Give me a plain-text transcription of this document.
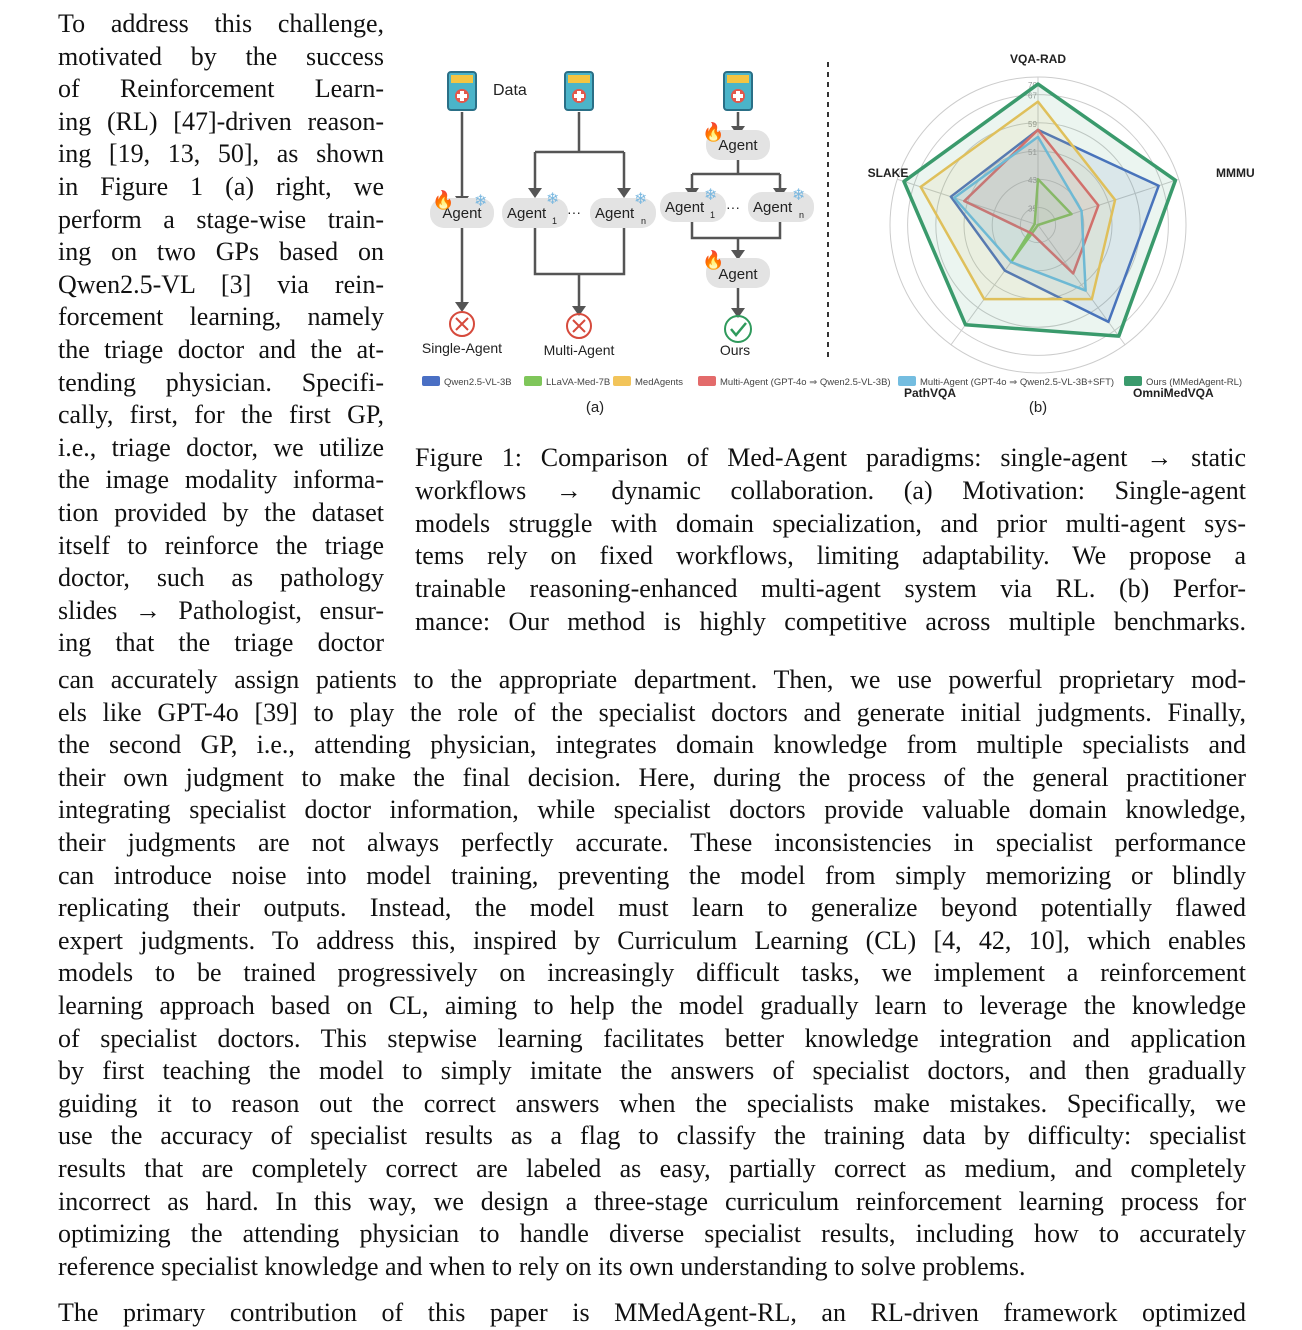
To address this challenge,
motivated by the success
of Reinforcement Learn-
ing (RL) [47]-driven reason-
ing [19, 13, 50], as shown
in Figure 1 (a) right, we
perform a stage-wise train-
ing on two GPs based on
Qwen2.5-VL [3] via rein-
forcement learning, namely
the triage doctor and the at-
tending physician. Specifi-
cally, first, for the first GP,
i.e., triage doctor, we utilize
the image modality informa-
tion provided by the dataset
itself to reinforce the triage
doctor, such as pathology
slides → Pathologist, ensur-
ing that the triage doctor
Data
Agent
🔥 ❄
Agent 1
❄
··· Agent n
❄
Agent
🔥
Agent 1
❄
··· Agent n
❄
Agent
🔥
Single-Agent	Multi-Agent	Ours
35
43
51
59
67
70
VQA-RAD
MMMU
OmniMedVQA
PathVQA
SLAKE
Qwen2.5-VL-3B	LLaVA-Med-7B	MedAgents	Multi-Agent (GPT-4o ⇒ Qwen2.5-VL-3B)	Multi-Agent (GPT-4o ⇒ Qwen2.5-VL-3B+SFT)	Ours (MMedAgent-RL)
(a)	(b)
Figure 1: Comparison of Med-Agent paradigms: single-agent → static
workflows → dynamic collaboration. (a) Motivation: Single-agent
models struggle with domain specialization, and prior multi-agent sys-
tems rely on fixed workflows, limiting adaptability. We propose a
trainable reasoning-enhanced multi-agent system via RL. (b) Perfor-
mance: Our method is highly competitive across multiple benchmarks.
can accurately assign patients to the appropriate department. Then, we use powerful proprietary mod-
els like GPT-4o [39] to play the role of the specialist doctors and generate initial judgments. Finally,
the second GP, i.e., attending physician, integrates domain knowledge from multiple specialists and
their own judgment to make the final decision. Here, during the process of the general practitioner
integrating specialist doctor information, while specialist doctors provide valuable domain knowledge,
their judgments are not always perfectly accurate. These inconsistencies in specialist performance
can introduce noise into model training, preventing the model from simply memorizing or blindly
replicating their outputs. Instead, the model must learn to generalize beyond potentially flawed
expert judgments. To address this, inspired by Curriculum Learning (CL) [4, 42, 10], which enables
models to be trained progressively on increasingly difficult tasks, we implement a reinforcement
learning approach based on CL, aiming to help the model gradually learn to leverage the knowledge
of specialist doctors. This stepwise learning facilitates better knowledge integration and application
by first teaching the model to simply imitate the answers of specialist doctors, and then gradually
guiding it to reason out the correct answers when the specialists make mistakes. Specifically, we
use the accuracy of specialist results as a flag to classify the training data by difficulty: specialist
results that are completely correct are labeled as easy, partially correct as medium, and completely
incorrect as hard. In this way, we design a three-stage curriculum reinforcement learning process for
optimizing the attending physician to handle diverse specialist results, including how to accurately
reference specialist knowledge and when to rely on its own understanding to solve problems.
The primary contribution of this paper is MMedAgent-RL, an RL-driven framework optimized
